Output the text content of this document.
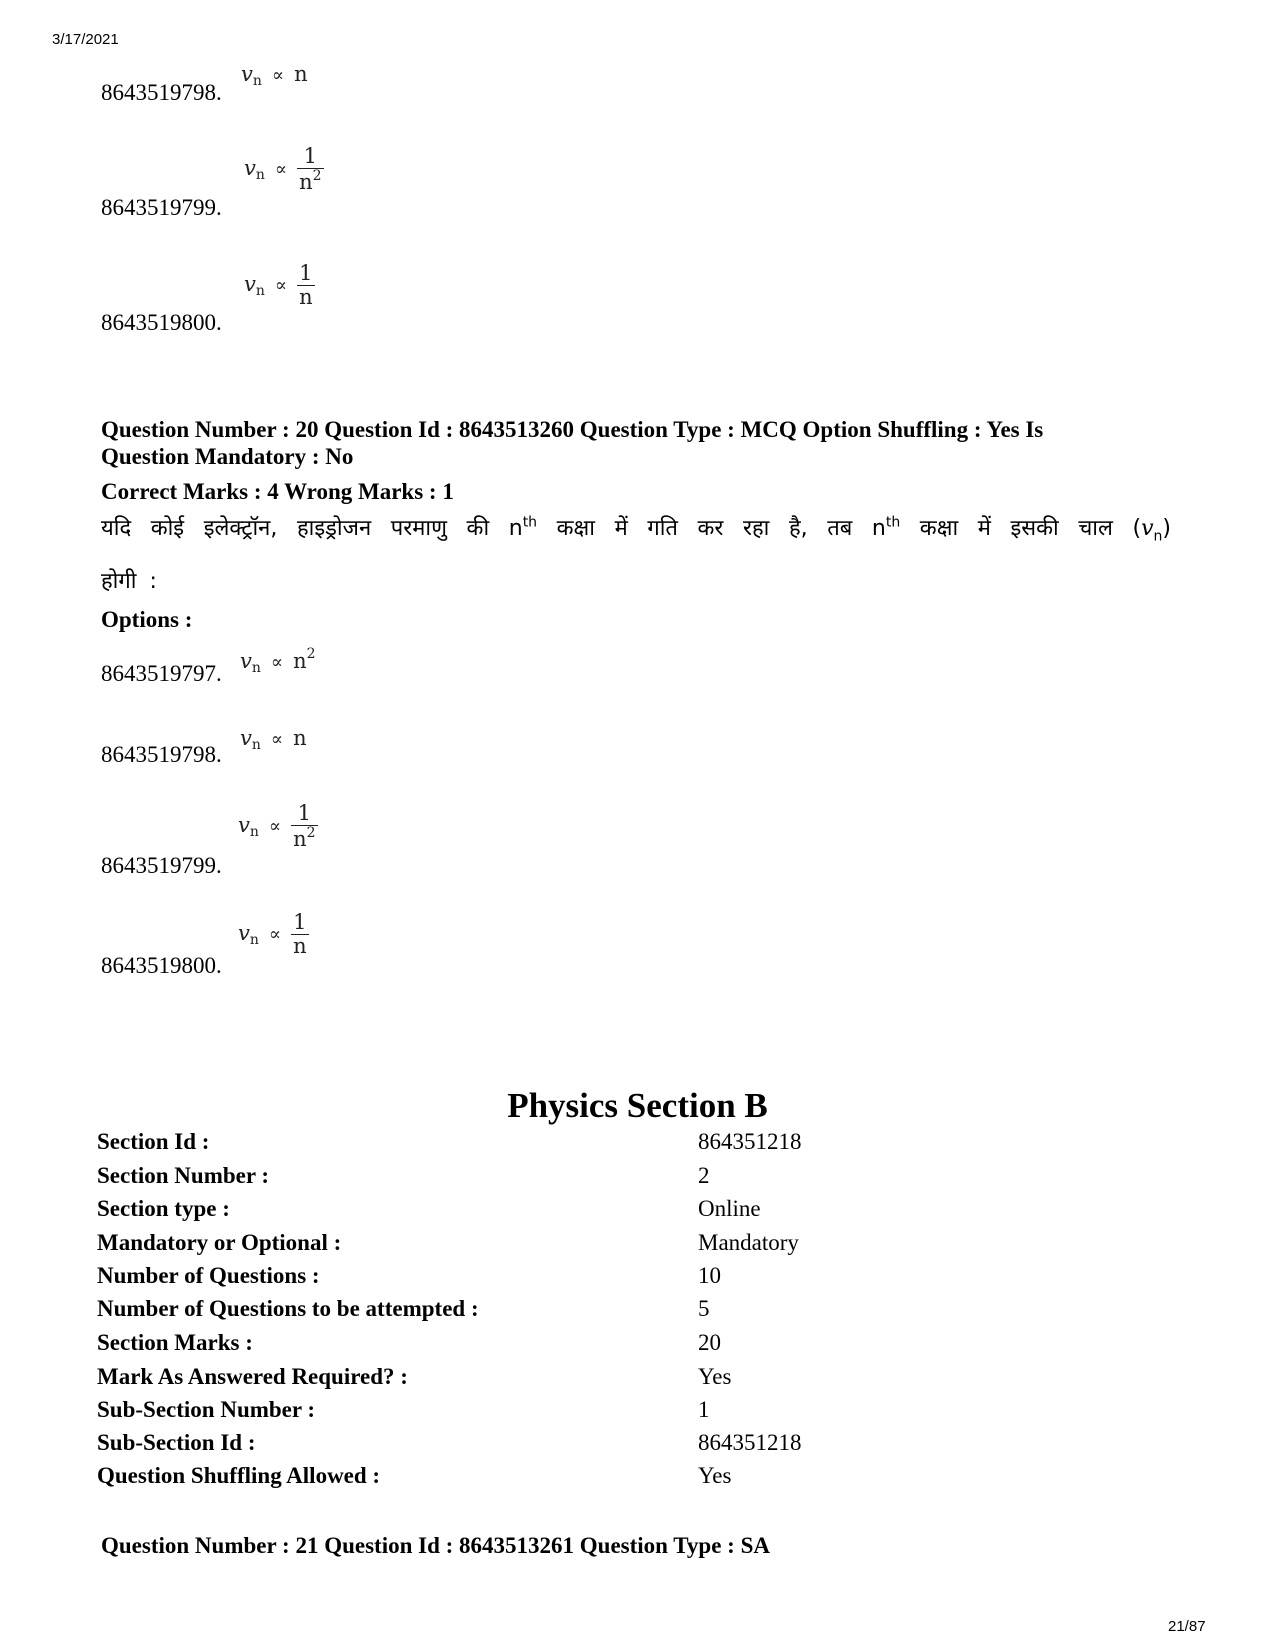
3/17/2021
21/87
8643519798.
$v_n \propto n$
8643519799.
$v_n \propto \frac{1}{n^2}$
8643519800.
$v_n \propto \frac{1}{n}$
Question Number : 20 Question Id : 8643513260 Question Type : MCQ Option Shuffling : Yes Is
Question Mandatory : No
Correct Marks : 4 Wrong Marks : 1
यदि कोई इलेक्ट्रॉन, हाइड्रोजन परमाणु की $n^{th}$ कक्षा में गति कर रहा है, तब $n^{th}$ कक्षा में इसकी चाल $(v_n)$
होगी :
Options :
8643519797. $v_n \propto n^2$
8643519798.
$v_n \propto n$
8643519799.
$v_n \propto \frac{1}{n^2}$
8643519800.
$v_n \propto \frac{1}{n}$
Physics Section B
Section Id :	864351218
Section Number :	2
Section type :	Online
Mandatory or Optional :	Mandatory
Number of Questions :	10
Number of Questions to be attempted :	5
Section Marks :	20
Mark As Answered Required? :	Yes
Sub-Section Number :	1
Sub-Section Id :	864351218
Question Shuffling Allowed :	Yes
Question Number : 21 Question Id : 8643513261 Question Type : SA
